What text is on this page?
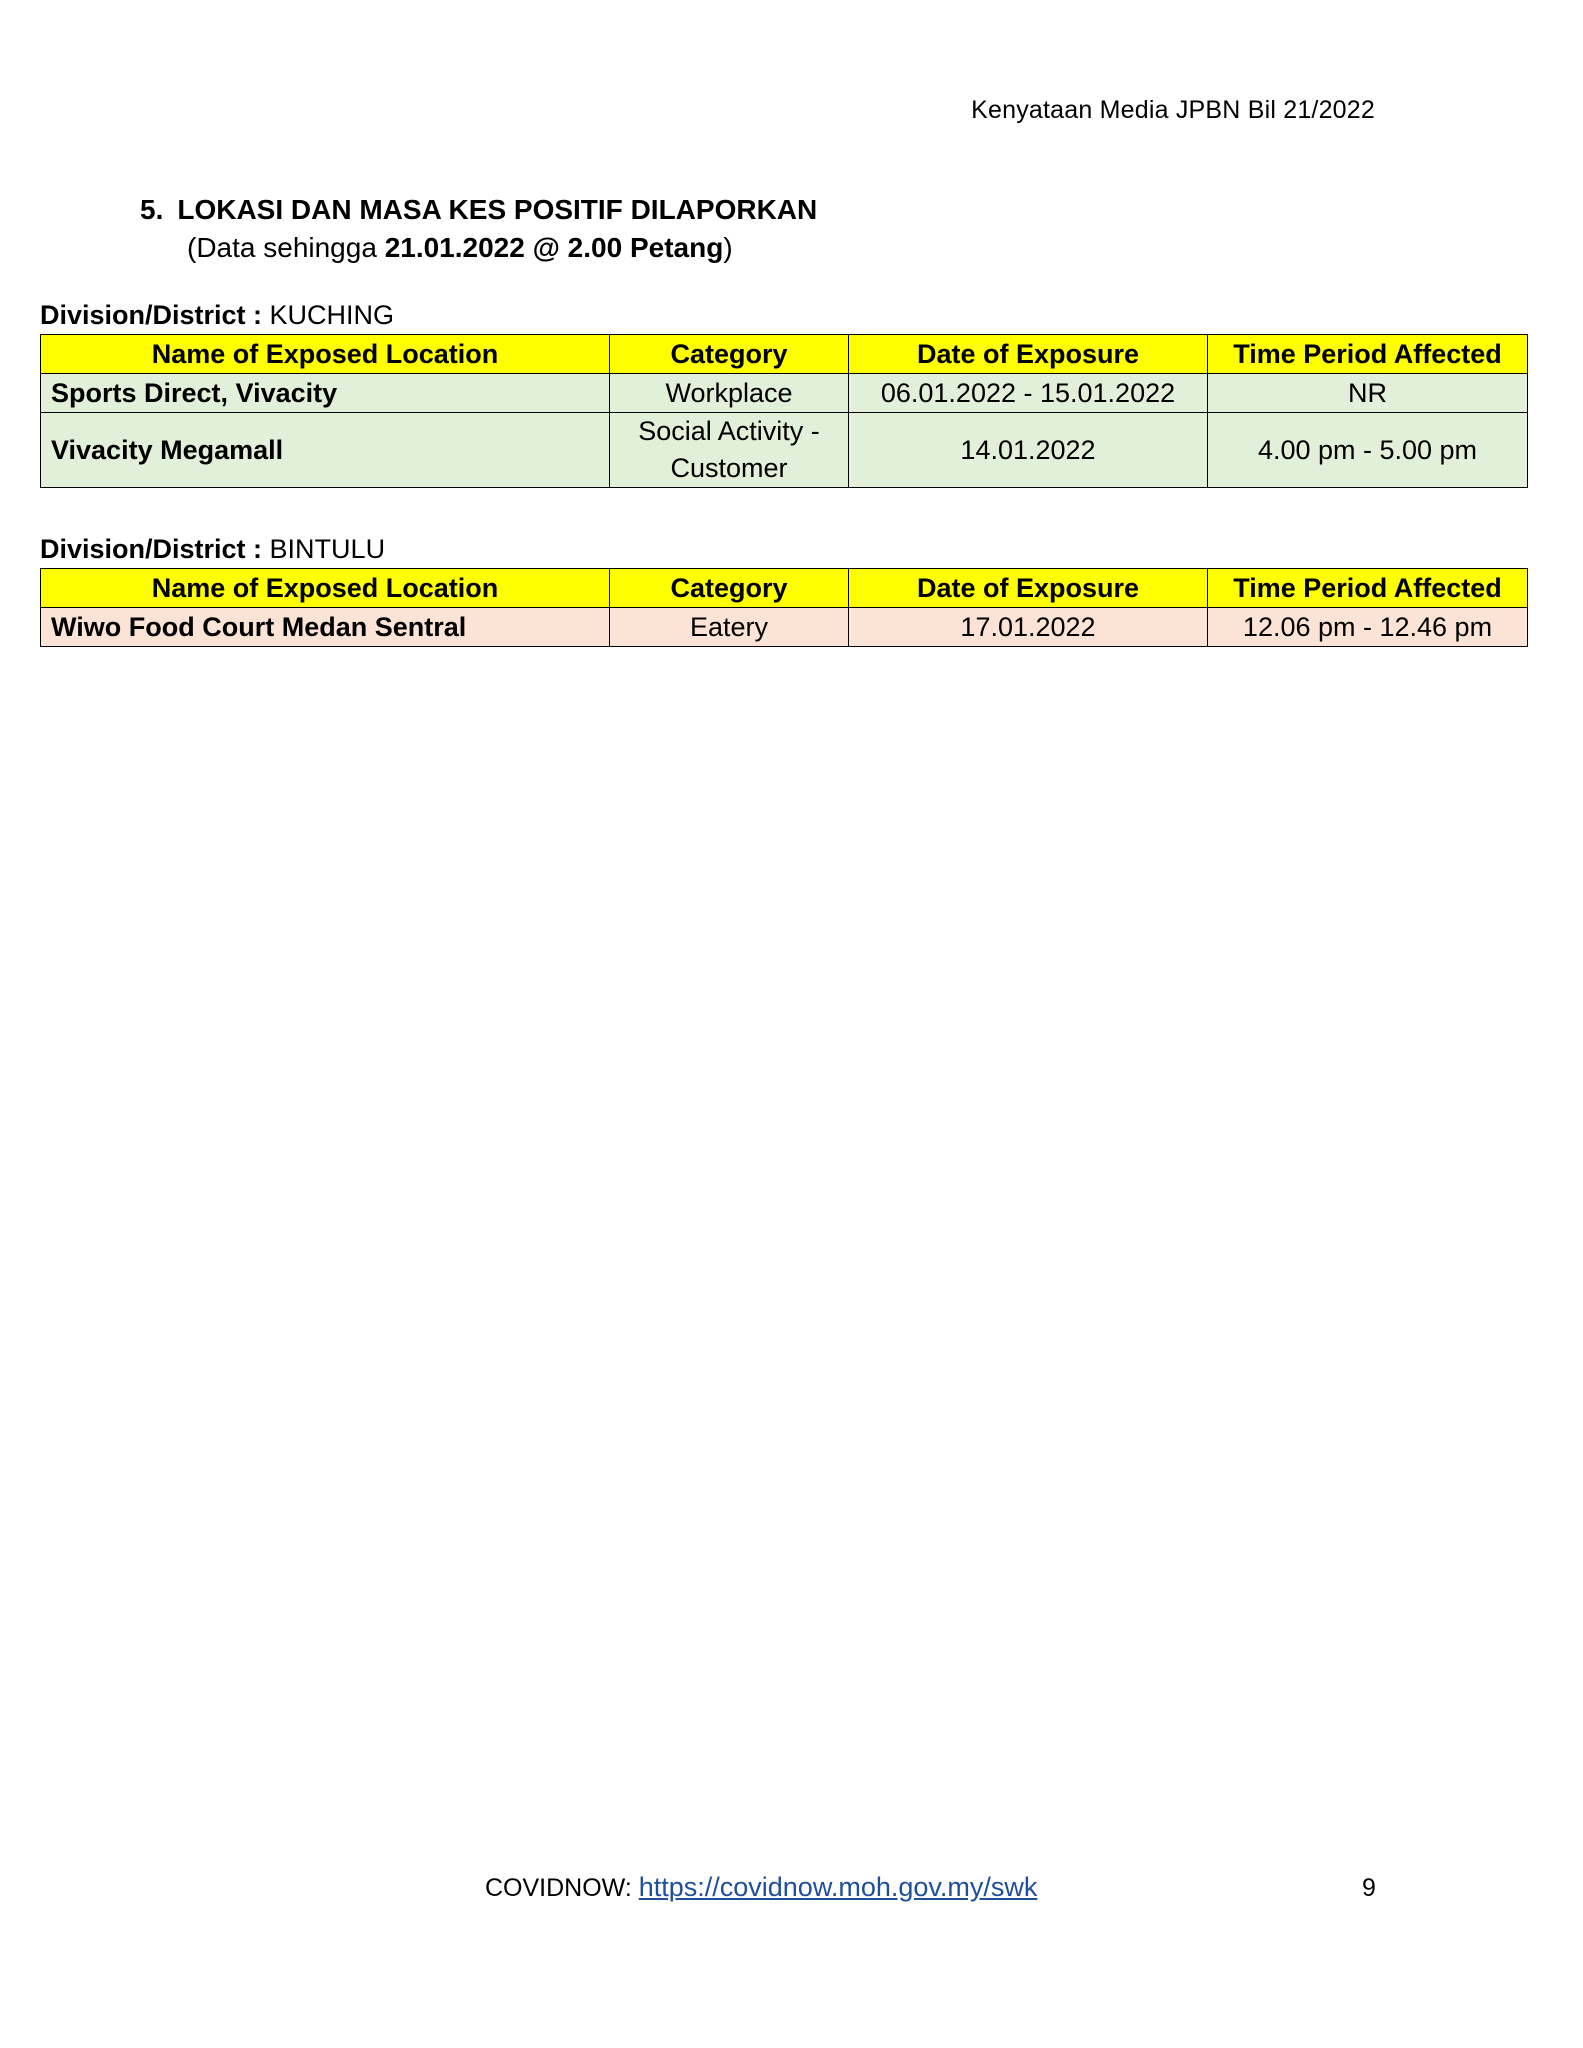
Kenyataan Media JPBN Bil 21/2022
5. LOKASI DAN MASA KES POSITIF DILAPORKAN
(Data sehingga 21.01.2022 @ 2.00 Petang)
Division/District : KUCHING
Name of Exposed Location	Category	Date of Exposure	Time Period Affected
Sports Direct, Vivacity	Workplace	06.01.2022 - 15.01.2022	NR
Vivacity Megamall	Social Activity - Customer	14.01.2022	4.00 pm - 5.00 pm
Division/District : BINTULU
Name of Exposed Location	Category	Date of Exposure	Time Period Affected
Wiwo Food Court Medan Sentral	Eatery	17.01.2022	12.06 pm - 12.46 pm
COVIDNOW: https://covidnow.moh.gov.my/swk	9
